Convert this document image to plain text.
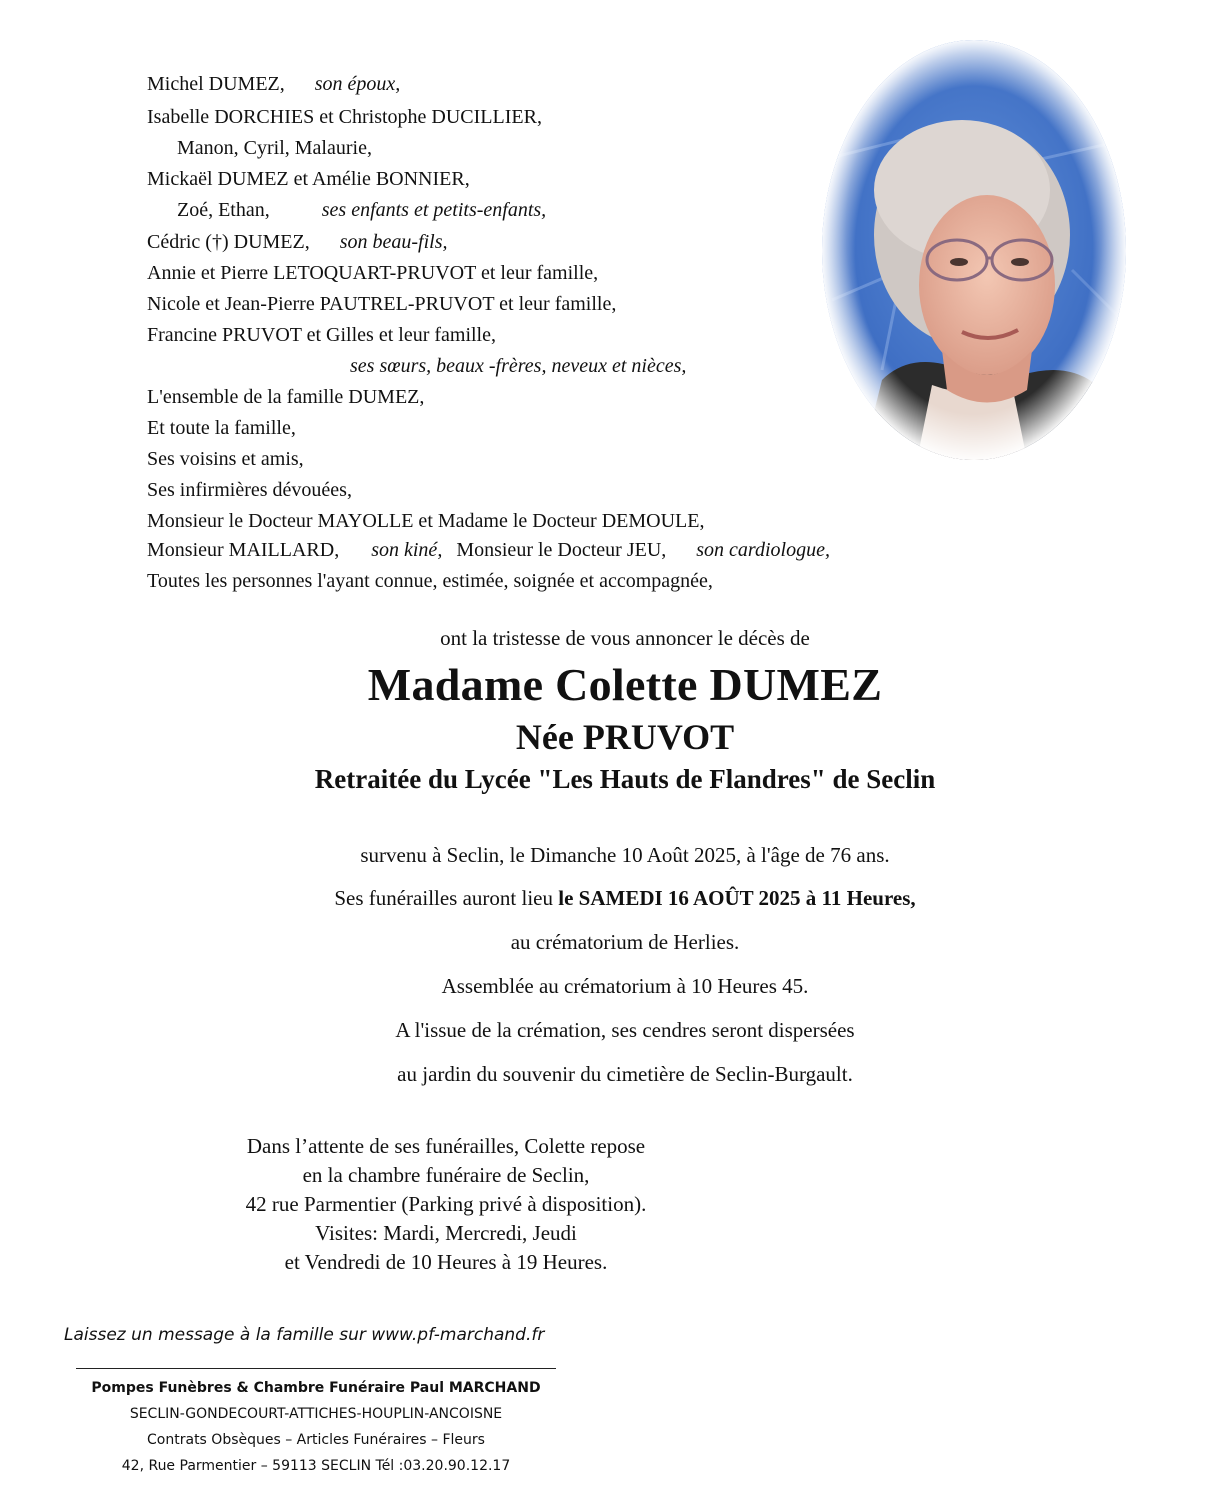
Michel DUMEZ, son époux,
Isabelle DORCHIES et Christophe DUCILLIER,
Manon, Cyril, Malaurie,
Mickaël DUMEZ et Amélie BONNIER,
Zoé, Ethan,	ses enfants et petits-enfants,
Cédric (†) DUMEZ, son beau-fils,
Annie et Pierre LETOQUART-PRUVOT et leur famille,
Nicole et Jean-Pierre PAUTREL-PRUVOT et leur famille,
Francine PRUVOT et Gilles et leur famille,
ses sœurs, beaux -frères, neveux et nièces,
L'ensemble de la famille DUMEZ,
Et toute la famille,
Ses voisins et amis,
Ses infirmières dévouées,
Monsieur le Docteur MAYOLLE et Madame le Docteur DEMOULE,
Monsieur MAILLARD, son kiné, Monsieur le Docteur JEU, son cardiologue,
Toutes les personnes l'ayant connue, estimée, soignée et accompagnée,
ont la tristesse de vous annoncer le décès de
Madame Colette DUMEZ
Née PRUVOT
Retraitée du Lycée "Les Hauts de Flandres" de Seclin
survenu à Seclin, le Dimanche 10 Août 2025, à l'âge de 76 ans.
Ses funérailles auront lieu le SAMEDI 16 AOÛT 2025 à 11 Heures,
au crématorium de Herlies.
Assemblée au crématorium à 10 Heures 45.
A l'issue de la crémation, ses cendres seront dispersées
au jardin du souvenir du cimetière de Seclin-Burgault.
Dans l’attente de ses funérailles, Colette repose
en la chambre funéraire de Seclin,
42 rue Parmentier (Parking privé à disposition).
Visites: Mardi, Mercredi, Jeudi
et Vendredi de 10 Heures à 19 Heures.
Laissez un message à la famille sur www.pf-marchand.fr
Pompes Funèbres & Chambre Funéraire Paul MARCHAND
SECLIN-GONDECOURT-ATTICHES-HOUPLIN-ANCOISNE
Contrats Obsèques – Articles Funéraires – Fleurs
42, Rue Parmentier – 59113 SECLIN Tél :03.20.90.12.17
